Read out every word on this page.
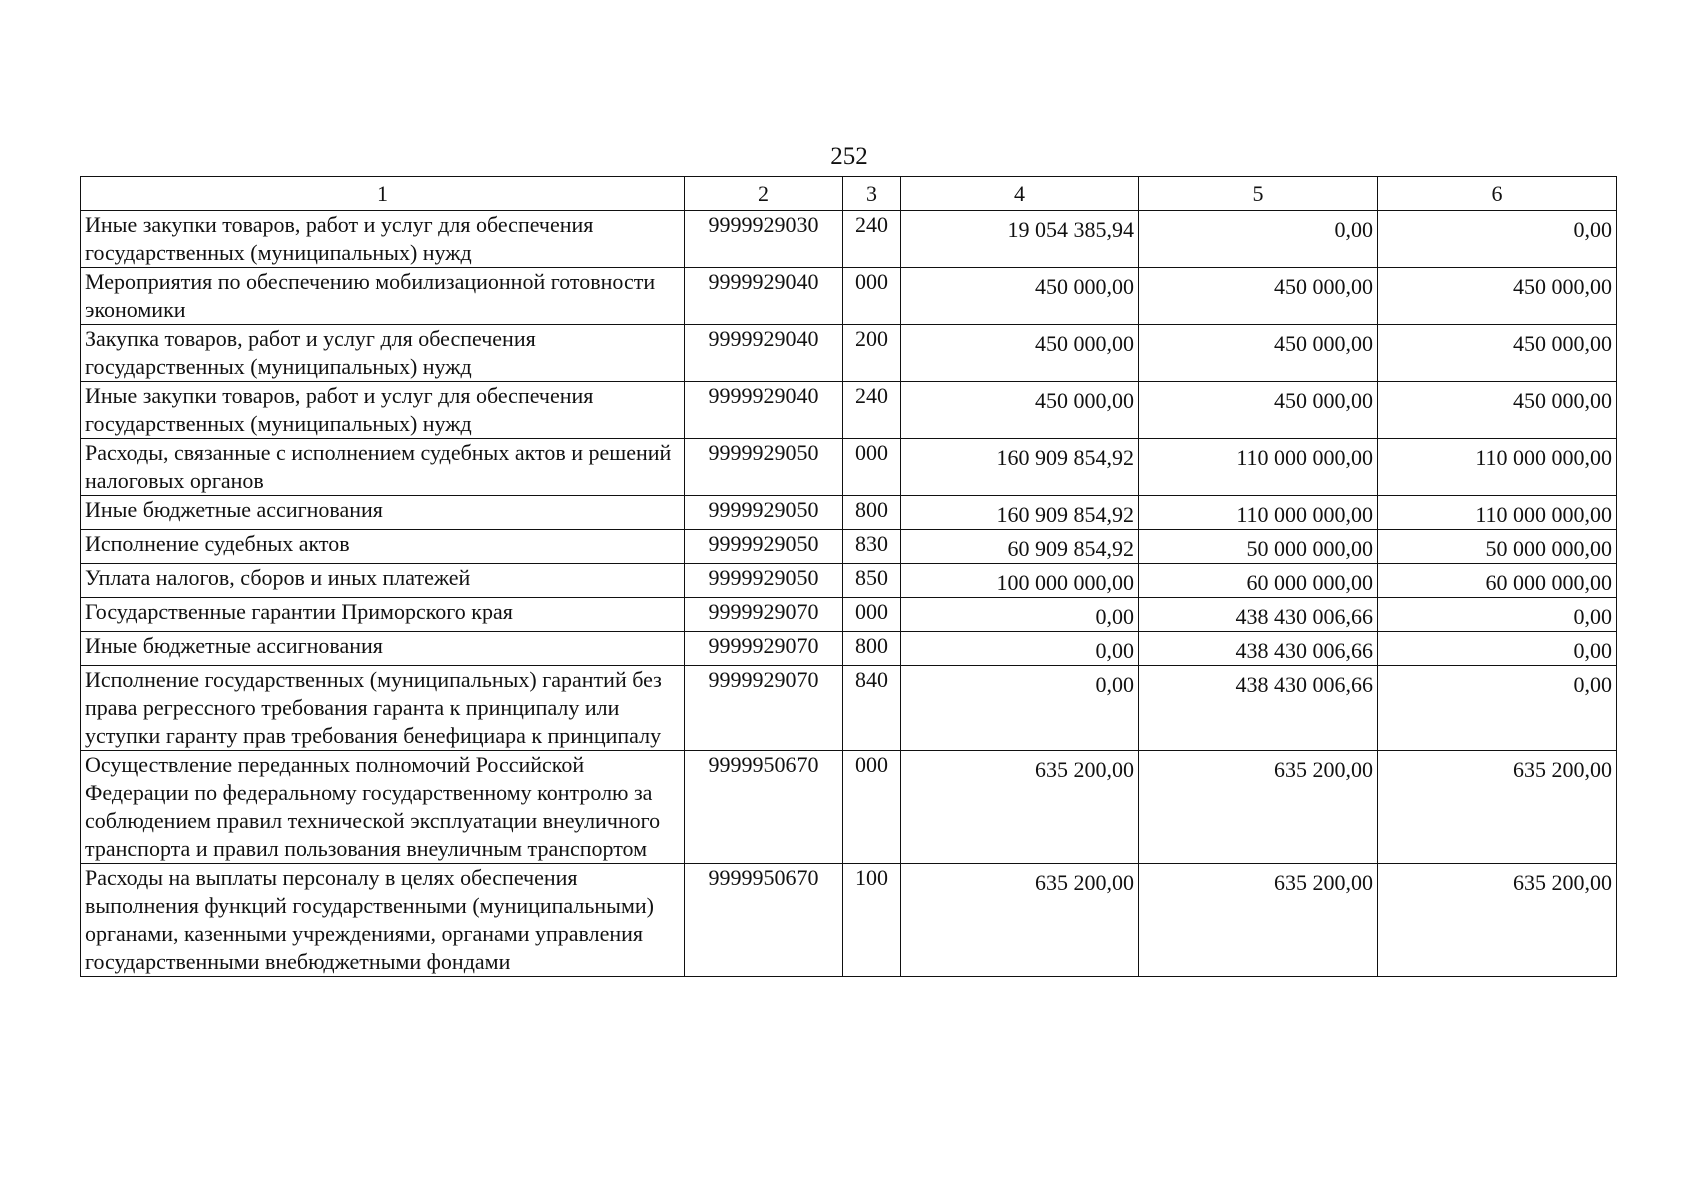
252
1	2	3	4	5	6
Иные закупки товаров, работ и услуг для обеспечения государственных (муниципальных) нужд	9999929030	240	19 054 385,94	0,00	0,00
Мероприятия по обеспечению мобилизационной готовности экономики	9999929040	000	450 000,00	450 000,00	450 000,00
Закупка товаров, работ и услуг для обеспечения государственных (муниципальных) нужд	9999929040	200	450 000,00	450 000,00	450 000,00
Иные закупки товаров, работ и услуг для обеспечения государственных (муниципальных) нужд	9999929040	240	450 000,00	450 000,00	450 000,00
Расходы, связанные с исполнением судебных актов и решений налоговых органов	9999929050	000	160 909 854,92	110 000 000,00	110 000 000,00
Иные бюджетные ассигнования	9999929050	800	160 909 854,92	110 000 000,00	110 000 000,00
Исполнение судебных актов	9999929050	830	60 909 854,92	50 000 000,00	50 000 000,00
Уплата налогов, сборов и иных платежей	9999929050	850	100 000 000,00	60 000 000,00	60 000 000,00
Государственные гарантии Приморского края	9999929070	000	0,00	438 430 006,66	0,00
Иные бюджетные ассигнования	9999929070	800	0,00	438 430 006,66	0,00
Исполнение государственных (муниципальных) гарантий без права регрессного требования гаранта к принципалу или уступки гаранту прав требования бенефициара к принципалу	9999929070	840	0,00	438 430 006,66	0,00
Осуществление переданных полномочий Российской Федерации по федеральному государственному контролю за соблюдением правил технической эксплуатации внеуличного транспорта и правил пользования внеуличным транспортом	9999950670	000	635 200,00	635 200,00	635 200,00
Расходы на выплаты персоналу в целях обеспечения выполнения функций государственными (муниципальными) органами, казенными учреждениями, органами управления государственными внебюджетными фондами	9999950670	100	635 200,00	635 200,00	635 200,00
